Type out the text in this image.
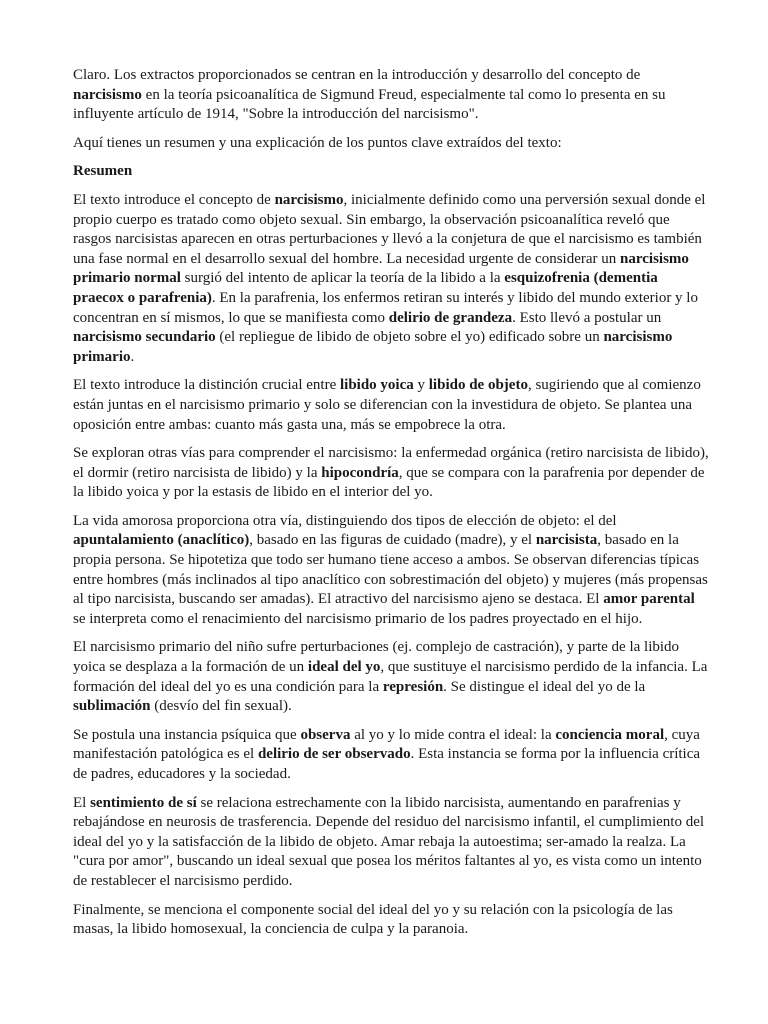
Claro. Los extractos proporcionados se centran en la introducción y desarrollo del concepto de narcisismo en la teoría psicoanalítica de Sigmund Freud, especialmente tal como lo presenta en su influyente artículo de 1914, "Sobre la introducción del narcisismo".

Aquí tienes un resumen y una explicación de los puntos clave extraídos del texto:

Resumen

El texto introduce el concepto de narcisismo, inicialmente definido como una perversión sexual donde el propio cuerpo es tratado como objeto sexual. Sin embargo, la observación psicoanalítica reveló que rasgos narcisistas aparecen en otras perturbaciones y llevó a la conjetura de que el narcisismo es también una fase normal en el desarrollo sexual del hombre. La necesidad urgente de considerar un narcisismo primario normal surgió del intento de aplicar la teoría de la libido a la esquizofrenia (dementia praecox o parafrenia). En la parafrenia, los enfermos retiran su interés y libido del mundo exterior y lo concentran en sí mismos, lo que se manifiesta como delirio de grandeza. Esto llevó a postular un narcisismo secundario (el repliegue de libido de objeto sobre el yo) edificado sobre un narcisismo primario.

El texto introduce la distinción crucial entre libido yoica y libido de objeto, sugiriendo que al comienzo están juntas en el narcisismo primario y solo se diferencian con la investidura de objeto. Se plantea una oposición entre ambas: cuanto más gasta una, más se empobrece la otra.

Se exploran otras vías para comprender el narcisismo: la enfermedad orgánica (retiro narcisista de libido), el dormir (retiro narcisista de libido) y la hipocondría, que se compara con la parafrenia por depender de la libido yoica y por la estasis de libido en el interior del yo.

La vida amorosa proporciona otra vía, distinguiendo dos tipos de elección de objeto: el del apuntalamiento (anaclítico), basado en las figuras de cuidado (madre), y el narcisista, basado en la propia persona. Se hipotetiza que todo ser humano tiene acceso a ambos. Se observan diferencias típicas entre hombres (más inclinados al tipo anaclítico con sobrestimación del objeto) y mujeres (más propensas al tipo narcisista, buscando ser amadas). El atractivo del narcisismo ajeno se destaca. El amor parental se interpreta como el renacimiento del narcisismo primario de los padres proyectado en el hijo.

El narcisismo primario del niño sufre perturbaciones (ej. complejo de castración), y parte de la libido yoica se desplaza a la formación de un ideal del yo, que sustituye el narcisismo perdido de la infancia. La formación del ideal del yo es una condición para la represión. Se distingue el ideal del yo de la sublimación (desvío del fin sexual).

Se postula una instancia psíquica que observa al yo y lo mide contra el ideal: la conciencia moral, cuya manifestación patológica es el delirio de ser observado. Esta instancia se forma por la influencia crítica de padres, educadores y la sociedad.

El sentimiento de sí se relaciona estrechamente con la libido narcisista, aumentando en parafrenias y rebajándose en neurosis de trasferencia. Depende del residuo del narcisismo infantil, el cumplimiento del ideal del yo y la satisfacción de la libido de objeto. Amar rebaja la autoestima; ser-amado la realza. La "cura por amor", buscando un ideal sexual que posea los méritos faltantes al yo, es vista como un intento de restablecer el narcisismo perdido.

Finalmente, se menciona el componente social del ideal del yo y su relación con la psicología de las masas, la libido homosexual, la conciencia de culpa y la paranoia.
